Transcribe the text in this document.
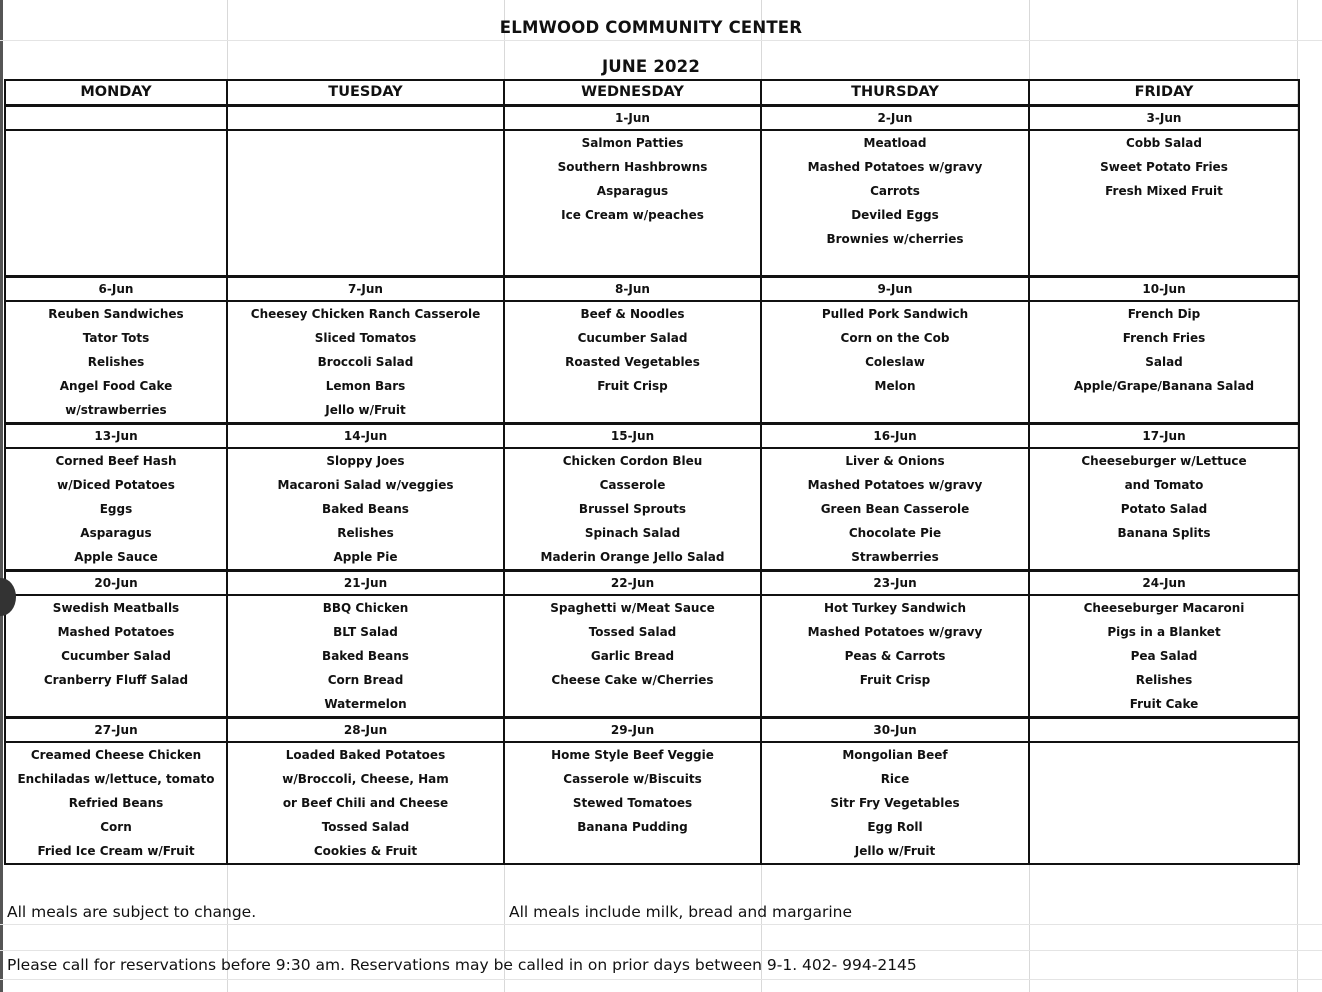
ELMWOOD COMMUNITY CENTER
JUNE 2022
MONDAY	TUESDAY	WEDNESDAY	THURSDAY	FRIDAY
		1-Jun	2-Jun	3-Jun
		Salmon Patties	Meatload	Cobb Salad
		Southern Hashbrowns	Mashed Potatoes w/gravy	Sweet Potato Fries
		Asparagus	Carrots	Fresh Mixed Fruit
		Ice Cream w/peaches	Deviled Eggs	
			Brownies w/cherries	

6-Jun	7-Jun	8-Jun	9-Jun	10-Jun
Reuben Sandwiches	Cheesey Chicken Ranch Casserole	Beef & Noodles	Pulled Pork Sandwich	French Dip
Tator Tots	Sliced Tomatos	Cucumber Salad	Corn on the Cob	French Fries
Relishes	Broccoli Salad	Roasted Vegetables	Coleslaw	Salad
Angel Food Cake	Lemon Bars	Fruit Crisp	Melon	Apple/Grape/Banana Salad
w/strawberries	Jello w/Fruit			
13-Jun	14-Jun	15-Jun	16-Jun	17-Jun
Corned Beef Hash	Sloppy Joes	Chicken Cordon Bleu	Liver & Onions	Cheeseburger w/Lettuce
w/Diced Potatoes	Macaroni Salad w/veggies	Casserole	Mashed Potatoes w/gravy	and Tomato
Eggs	Baked Beans	Brussel Sprouts	Green Bean Casserole	Potato Salad
Asparagus	Relishes	Spinach Salad	Chocolate Pie	Banana Splits
Apple Sauce	Apple Pie	Maderin Orange Jello Salad	Strawberries	
20-Jun	21-Jun	22-Jun	23-Jun	24-Jun
Swedish Meatballs	BBQ Chicken	Spaghetti w/Meat Sauce	Hot Turkey Sandwich	Cheeseburger Macaroni
Mashed Potatoes	BLT Salad	Tossed Salad	Mashed Potatoes w/gravy	Pigs in a Blanket
Cucumber Salad	Baked Beans	Garlic Bread	Peas & Carrots	Pea Salad
Cranberry Fluff Salad	Corn Bread	Cheese Cake w/Cherries	Fruit Crisp	Relishes
	Watermelon			Fruit Cake
27-Jun	28-Jun	29-Jun	30-Jun	
Creamed Cheese Chicken	Loaded Baked Potatoes	Home Style Beef Veggie	Mongolian Beef	
Enchiladas w/lettuce, tomato	w/Broccoli, Cheese, Ham	Casserole w/Biscuits	Rice	
Refried Beans	or Beef Chili and Cheese	Stewed Tomatoes	Sitr Fry Vegetables	
Corn	Tossed Salad	Banana Pudding	Egg Roll	
Fried Ice Cream w/Fruit	Cookies & Fruit		Jello w/Fruit	
All meals are subject to change.	All meals include milk, bread and margarine
Please call for reservations before 9:30 am. Reservations may be called in on prior days between 9-1. 402- 994-2145
